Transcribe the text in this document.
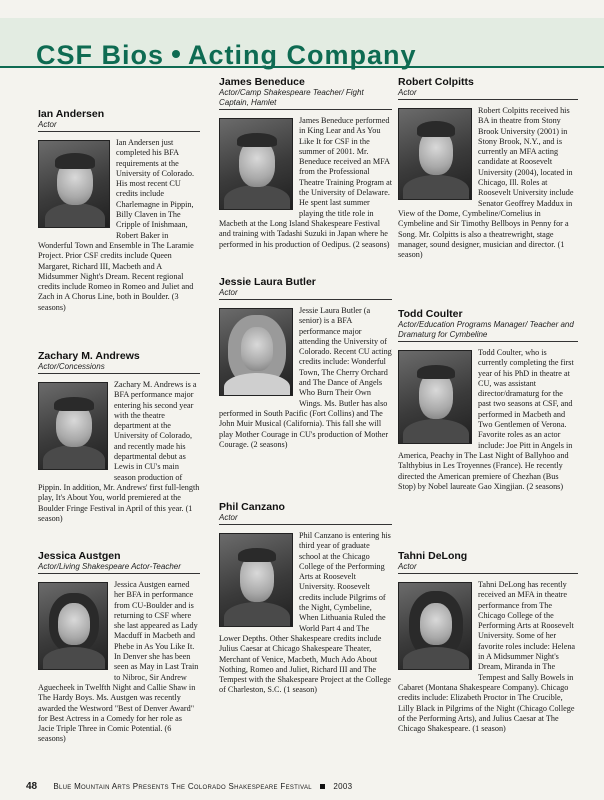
CSF Bios Acting Company
Ian Andersen
Actor
Ian Andersen just completed his BFA requirements at the University of Colorado. His most recent CU credits include Charlemagne in Pippin, Billy Claven in The Cripple of Inishmaan, Robert Baker in Wonderful Town and Ensemble in The Laramie Project. Prior CSF credits include Queen Margaret, Richard III, Macbeth and A Midsummer Night's Dream. Recent regional credits include Romeo in Romeo and Juliet and Zach in A Chorus Line, both in Boulder. (3 seasons)
Zachary M. Andrews
Actor/Concessions
Zachary M. Andrews is a BFA performance major entering his second year with the theatre department at the University of Colorado, and recently made his departmental debut as Lewis in CU's main season production of Pippin. In addition, Mr. Andrews' first full-length play, It's About You, world premiered at the Boulder Fringe Festival in April of this year. (1 season)
Jessica Austgen
Actor/Living Shakespeare Actor-Teacher
Jessica Austgen earned her BFA in performance from CU-Boulder and is returning to CSF where she last appeared as Lady Macduff in Macbeth and Phebe in As You Like It. In Denver she has been seen as May in Last Train to Nibroc, Sir Andrew Aguecheek in Twelfth Night and Callie Shaw in The Hardy Boys. Ms. Austgen was recently awarded the Westword "Best of Denver Award" for Best Actress in a Comedy for her role as Jacie Triple Three in Comic Potential. (6 seasons)
James Beneduce
Actor/Camp Shakespeare Teacher/ Fight Captain, Hamlet
James Beneduce performed in King Lear and As You Like It for CSF in the summer of 2001. Mr. Beneduce received an MFA from the Professional Theatre Training Program at the University of Delaware. He spent last summer playing the title role in Macbeth at the Long Island Shakespeare Festival and training with Tadashi Suzuki in Japan where he performed in his production of Oedipus. (2 seasons)
Jessie Laura Butler
Actor
Jessie Laura Butler (a senior) is a BFA performance major attending the University of Colorado. Recent CU acting credits include: Wonderful Town, The Cherry Orchard and The Dance of Angels Who Burn Their Own Wings. Ms. Butler has also performed in South Pacific (Fort Collins) and The John Muir Musical (California). This fall she will play Mother Courage in CU's production of Mother Courage. (2 seasons)
Phil Canzano
Actor
Phil Canzano is entering his third year of graduate school at the Chicago College of the Performing Arts at Roosevelt University. Roosevelt credits include Pilgrims of the Night, Cymbeline, When Lithuania Ruled the World Part 4 and The Lower Depths. Other Shakespeare credits include Julius Caesar at Chicago Shakespeare Theater, Merchant of Venice, Macbeth, Much Ado About Nothing, Romeo and Juliet, Richard III and The Tempest with the Shakespeare Project at the College of Charleston, S.C. (1 season)
Robert Colpitts
Actor
Robert Colpitts received his BA in theatre from Stony Brook University (2001) in Stony Brook, N.Y., and is currently an MFA acting candidate at Roosevelt University (2004), located in Chicago, Ill. Roles at Roosevelt University include Senator Geoffrey Maddux in View of the Dome, Cymbeline/Cornelius in Cymbeline and Sir Timothy Bellboys in Penny for a Song. Mr. Colpitts is also a theatrewright, stage manager, sound designer, musician and director. (1 season)
Todd Coulter
Actor/Education Programs Manager/ Teacher and Dramaturg for Cymbeline
Todd Coulter, who is currently completing the first year of his PhD in theatre at CU, was assistant director/dramaturg for the past two seasons at CSF, and performed in Macbeth and Two Gentlemen of Verona. Favorite roles as an actor include: Joe Pitt in Angels in America, Peachy in The Last Night of Ballyhoo and Talthybius in Les Troyennes (France). He recently directed the American premiere of Chezhan (Bus Stop) by Nobel laureate Gao Xingjian. (2 seasons)
Tahni DeLong
Actor
Tahni DeLong has recently received an MFA in theatre performance from The Chicago College of the Performing Arts at Roosevelt University. Some of her favorite roles include: Helena in A Midsummer Night's Dream, Miranda in The Tempest and Sally Bowels in Cabaret (Montana Shakespeare Company). Chicago credits include: Elizabeth Proctor in The Crucible, Lilly Black in Pilgrims of the Night (Chicago College of the Performing Arts), and Julius Caesar at The Chicago Shakespeare. (1 season)
48 Blue Mountain Arts Presents The Colorado Shakespeare Festival	2003
